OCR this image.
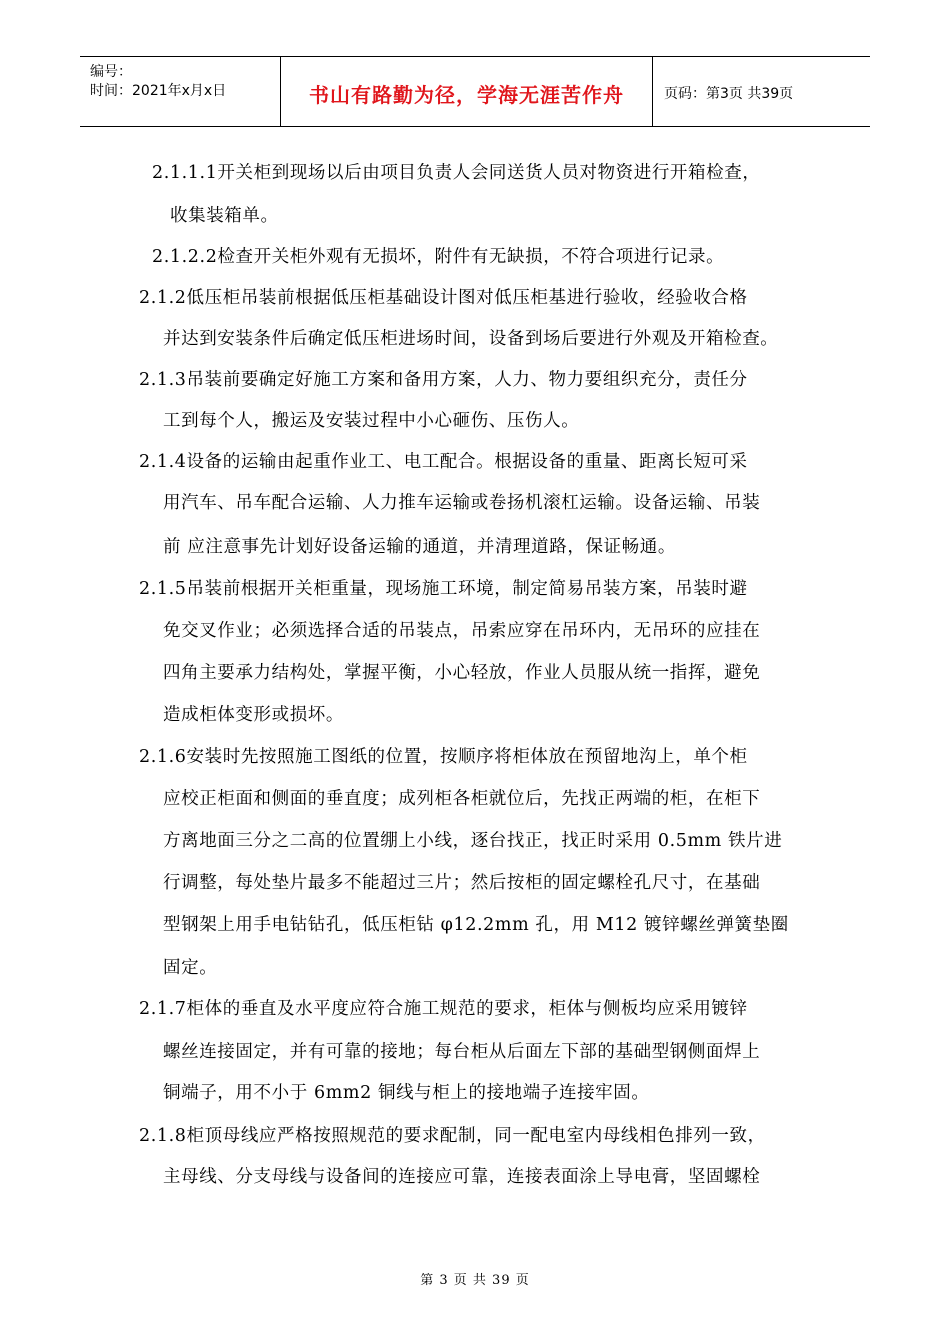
编号：
时间：2021年x月x日	书山有路勤为径，学海无涯苦作舟	页码：第3页 共39页
2.1.1.1开关柜到现场以后由项目负责人会同送货人员对物资进行开箱检查，
收集装箱单。
2.1.2.2检查开关柜外观有无损坏，附件有无缺损，不符合项进行记录。
2.1.2低压柜吊装前根据低压柜基础设计图对低压柜基进行验收，经验收合格
并达到安装条件后确定低压柜进场时间，设备到场后要进行外观及开箱检查。
2.1.3吊装前要确定好施工方案和备用方案，人力、物力要组织充分，责任分
工到每个人，搬运及安装过程中小心砸伤、压伤人。
2.1.4设备的运输由起重作业工、电工配合。根据设备的重量、距离长短可采
用汽车、吊车配合运输、人力推车运输或卷扬机滚杠运输。设备运输、吊装
前 应注意事先计划好设备运输的通道，并清理道路，保证畅通。
2.1.5吊装前根据开关柜重量，现场施工环境，制定简易吊装方案，吊装时避
免交叉作业；必须选择合适的吊装点，吊索应穿在吊环内，无吊环的应挂在
四角主要承力结构处，掌握平衡，小心轻放，作业人员服从统一指挥，避免
造成柜体变形或损坏。
2.1.6安装时先按照施工图纸的位置，按顺序将柜体放在预留地沟上，单个柜
应校正柜面和侧面的垂直度；成列柜各柜就位后，先找正两端的柜，在柜下
方离地面三分之二高的位置绷上小线，逐台找正，找正时采用 0.5mm 铁片进
行调整，每处垫片最多不能超过三片；然后按柜的固定螺栓孔尺寸，在基础
型钢架上用手电钻钻孔，低压柜钻 φ12.2mm 孔，用 M12 镀锌螺丝弹簧垫圈
固定。
2.1.7柜体的垂直及水平度应符合施工规范的要求，柜体与侧板均应采用镀锌
螺丝连接固定，并有可靠的接地；每台柜从后面左下部的基础型钢侧面焊上
铜端子，用不小于 6mm2 铜线与柜上的接地端子连接牢固。
2.1.8柜顶母线应严格按照规范的要求配制，同一配电室内母线相色排列一致，
主母线、分支母线与设备间的连接应可靠，连接表面涂上导电膏，坚固螺栓
第 3 页 共 39 页
